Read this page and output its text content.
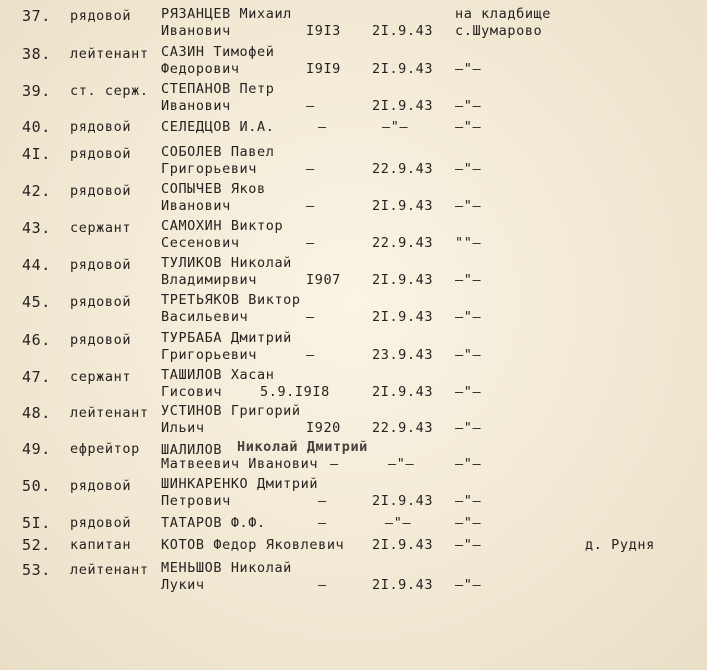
37. рядовой РЯЗАНЦЕВ Михаил
Иванович	I9I3 2I.9.43
на кладбище
с.Шумарово
38. лейтенант САЗИН Тимофей
Федорович	I9I9 2I.9.43 –"–
39. ст. серж. СТЕПАНОВ Петр
Иванович	–	2I.9.43 –"–
40. рядовой СЕЛЕДЦОВ И.А.	–	–"–	–"–
4I. рядовой СОБОЛЕВ Павел
Григорьевич	–	22.9.43 –"–
42. рядовой СОПЫЧЕВ Яков
Иванович	–	2I.9.43 –"–
43. сержант САМОХИН Виктор
Сесенович	–	22.9.43 ""–
44. рядовой ТУЛИКОВ Николай
Владимирвич	I907 2I.9.43 –"–
45. рядовой ТРЕТЬЯКОВ Виктор
Васильевич	–	2I.9.43 –"–
46. рядовой ТУРБАБА Дмитрий
Григорьевич	–	23.9.43 –"–
47. сержант ТАШИЛОВ Хасан
Гисович	5.9.I9I8	2I.9.43 –"–
48. лейтенант УСТИНОВ Григорий
Ильич	I920 22.9.43 –"–
49. ефрейтор ШАЛИЛОВ Николай Дмитрий
Матвеевич Иванович –	–"–	–"–
50. рядовой ШИНКАРЕНКО Дмитрий
Петрович	–	2I.9.43 –"–
5I. рядовой ТАТАРОВ Ф.Ф.	–	–"–	–"–
52. капитан КОТОВ Федор Яковлевич 2I.9.43 –"–	д. Рудня
53. лейтенант МЕНЬШОВ Николай
Лукич	–	2I.9.43 –"–
